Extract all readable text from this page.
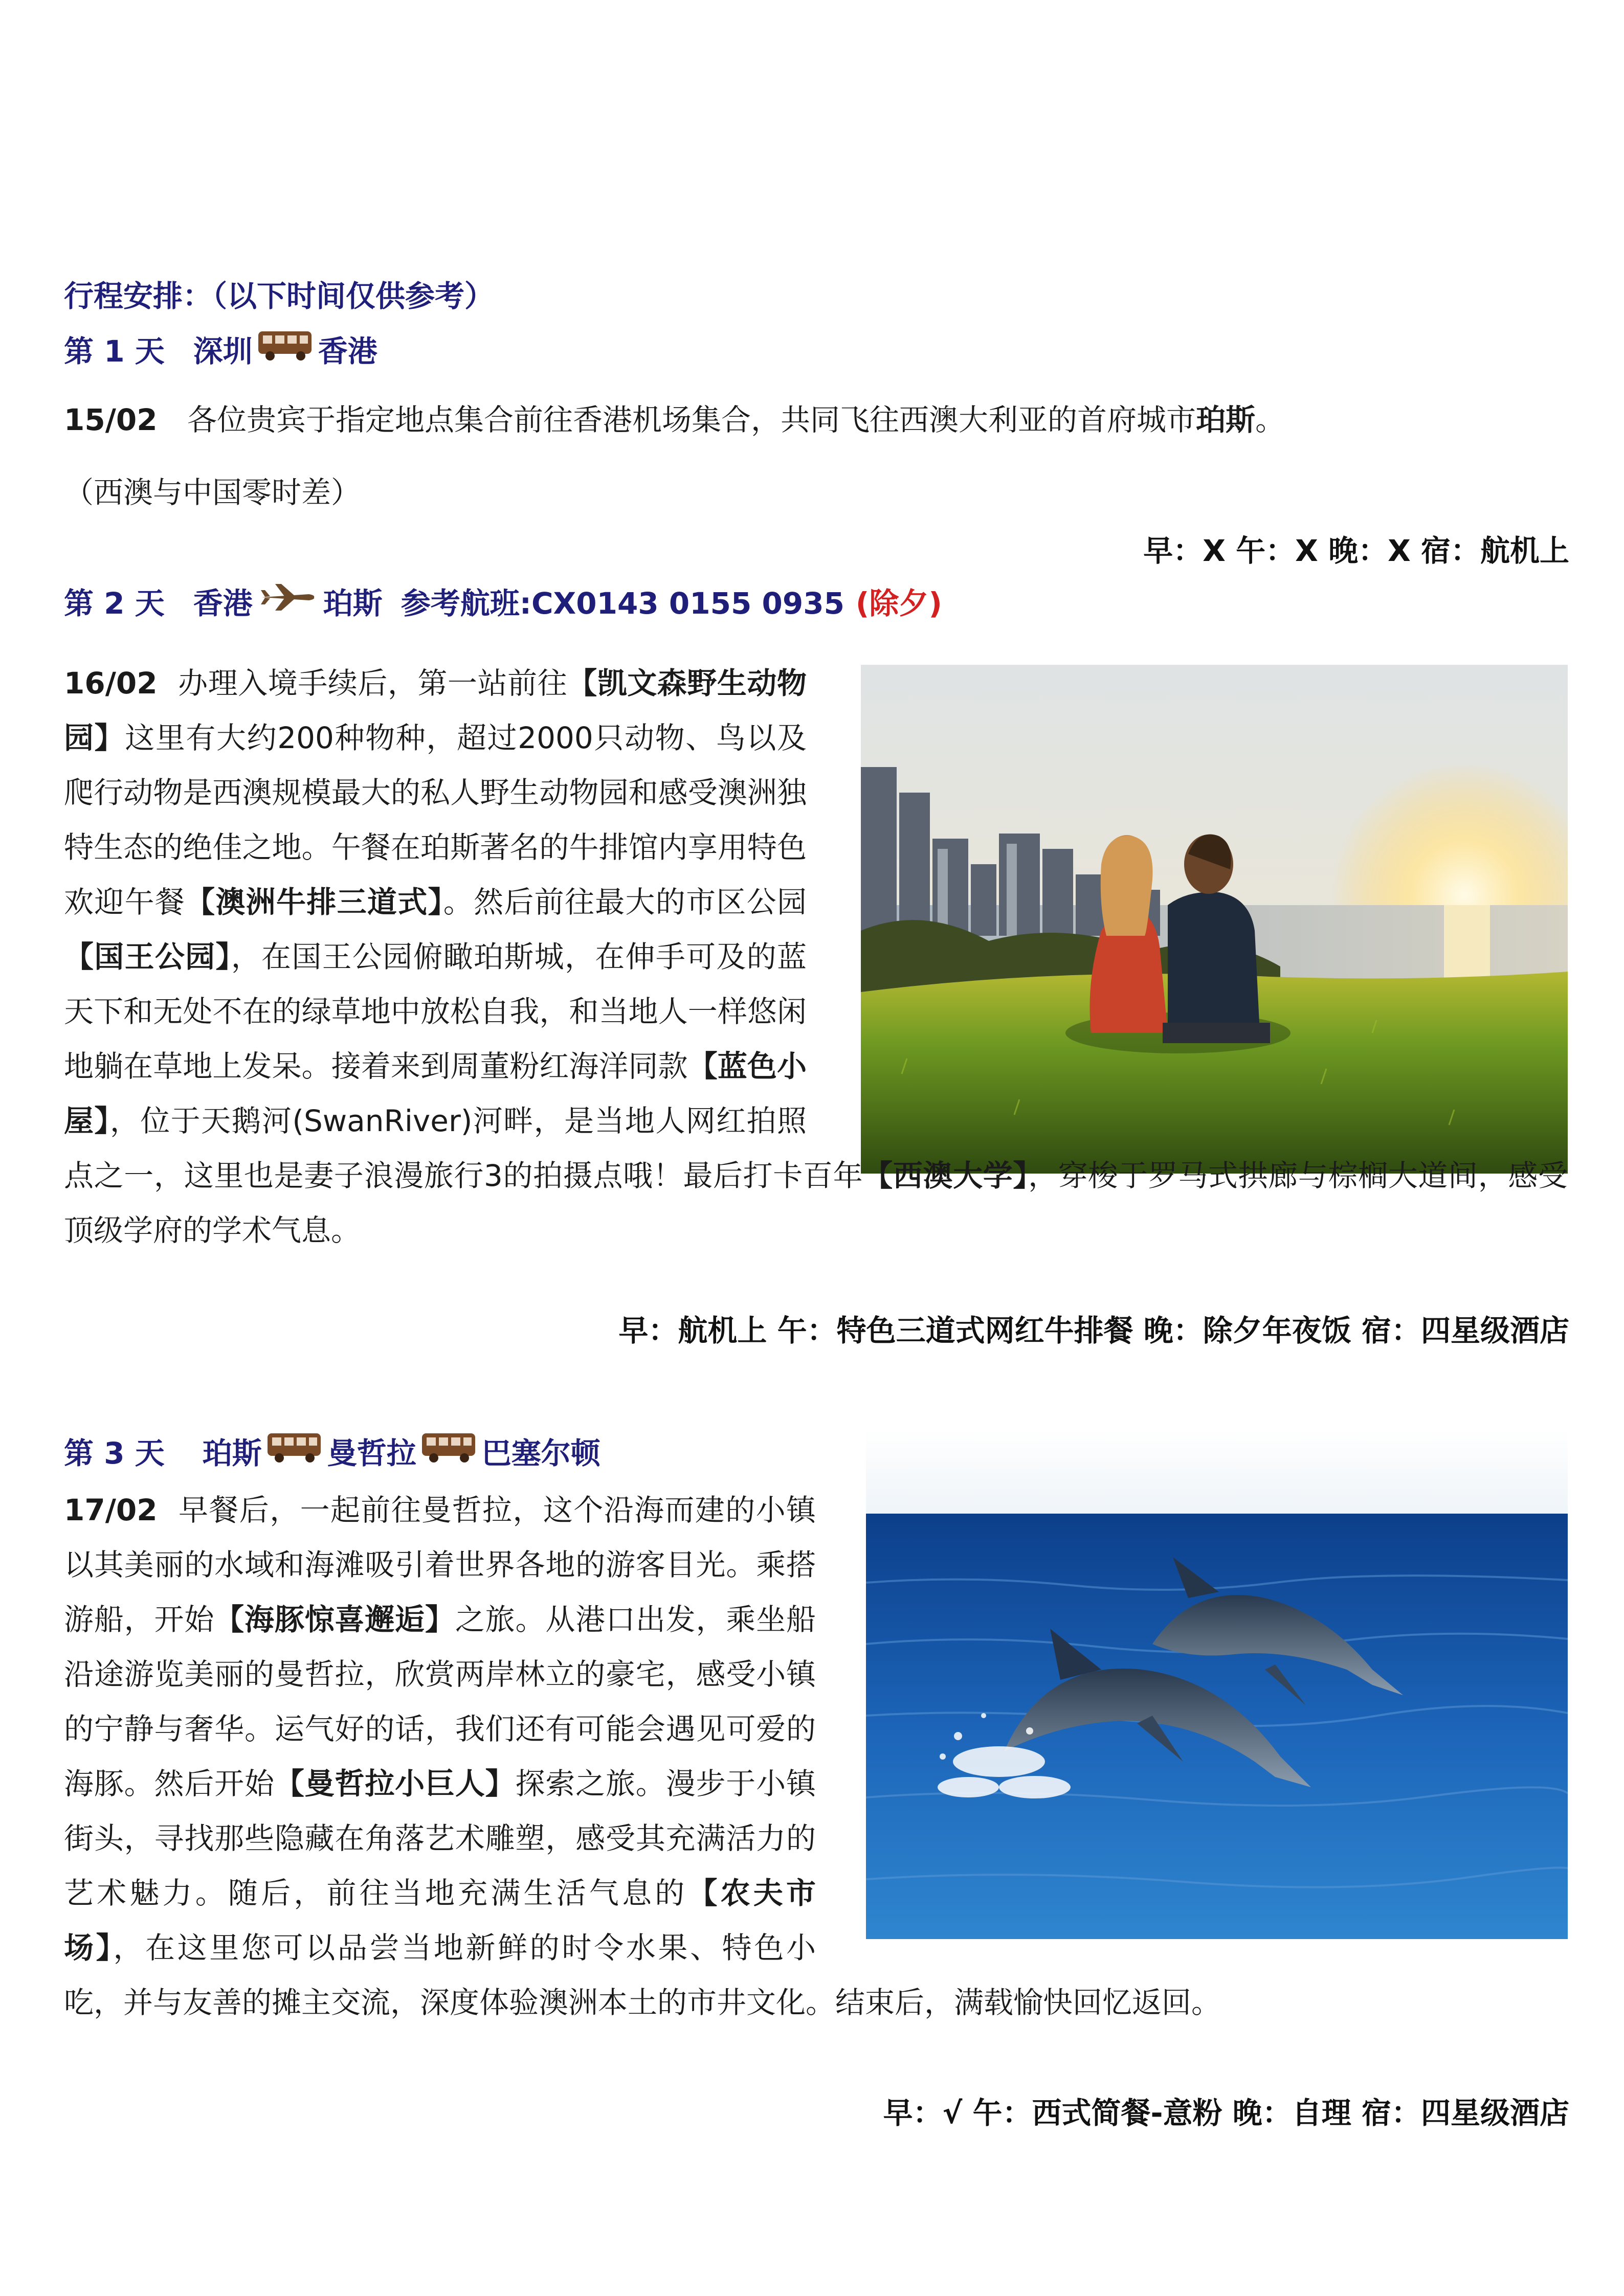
行程安排：（以下时间仅供参考）
第 1 天 深圳 香港
15/02 各位贵宾于指定地点集合前往香港机场集合，共同飞往西澳大利亚的首府城市珀斯。
（西澳与中国零时差）
早：X 午：X 晚：X 宿：航机上
第 2 天 香港 珀斯 参考航班:CX0143 0155 0935 (除夕)
16/02 办理入境手续后，第一站前往【凯文森野生动物园】这里有大约200种物种，超过2000只动物、鸟以及爬行动物是西澳规模最大的私人野生动物园和感受澳洲独特生态的绝佳之地。午餐在珀斯著名的牛排馆内享用特色欢迎午餐【澳洲牛排三道式】。然后前往最大的市区公园【国王公园】，在国王公园俯瞰珀斯城，在伸手可及的蓝天下和无处不在的绿草地中放松自我，和当地人一样悠闲地躺在草地上发呆。接着来到周董粉红海洋同款【蓝色小屋】，位于天鹅河(SwanRiver)河畔，是当地人网红拍照点之一，这里也是妻子浪漫旅行3的拍摄点哦！最后打卡百年【西澳大学】，穿梭于罗马式拱廊与棕榈大道间，感受顶级学府的学术气息。
早：航机上 午：特色三道式网红牛排餐 晚：除夕年夜饭 宿：四星级酒店
第 3 天 珀斯 曼哲拉 巴塞尔顿
17/02 早餐后，一起前往曼哲拉，这个沿海而建的小镇以其美丽的水域和海滩吸引着世界各地的游客目光。乘搭游船，开始【海豚惊喜邂逅】之旅。从港口出发，乘坐船沿途游览美丽的曼哲拉，欣赏两岸林立的豪宅，感受小镇的宁静与奢华。运气好的话，我们还有可能会遇见可爱的海豚。然后开始【曼哲拉小巨人】探索之旅。漫步于小镇街头，寻找那些隐藏在角落艺术雕塑，感受其充满活力的艺术魅力。随后，前往当地充满生活气息的【农夫市场】，在这里您可以品尝当地新鲜的时令水果、特色小吃，并与友善的摊主交流，深度体验澳洲本土的市井文化。结束后，满载愉快回忆返回。
早：√ 午：西式简餐-意粉 晚：自理 宿：四星级酒店
